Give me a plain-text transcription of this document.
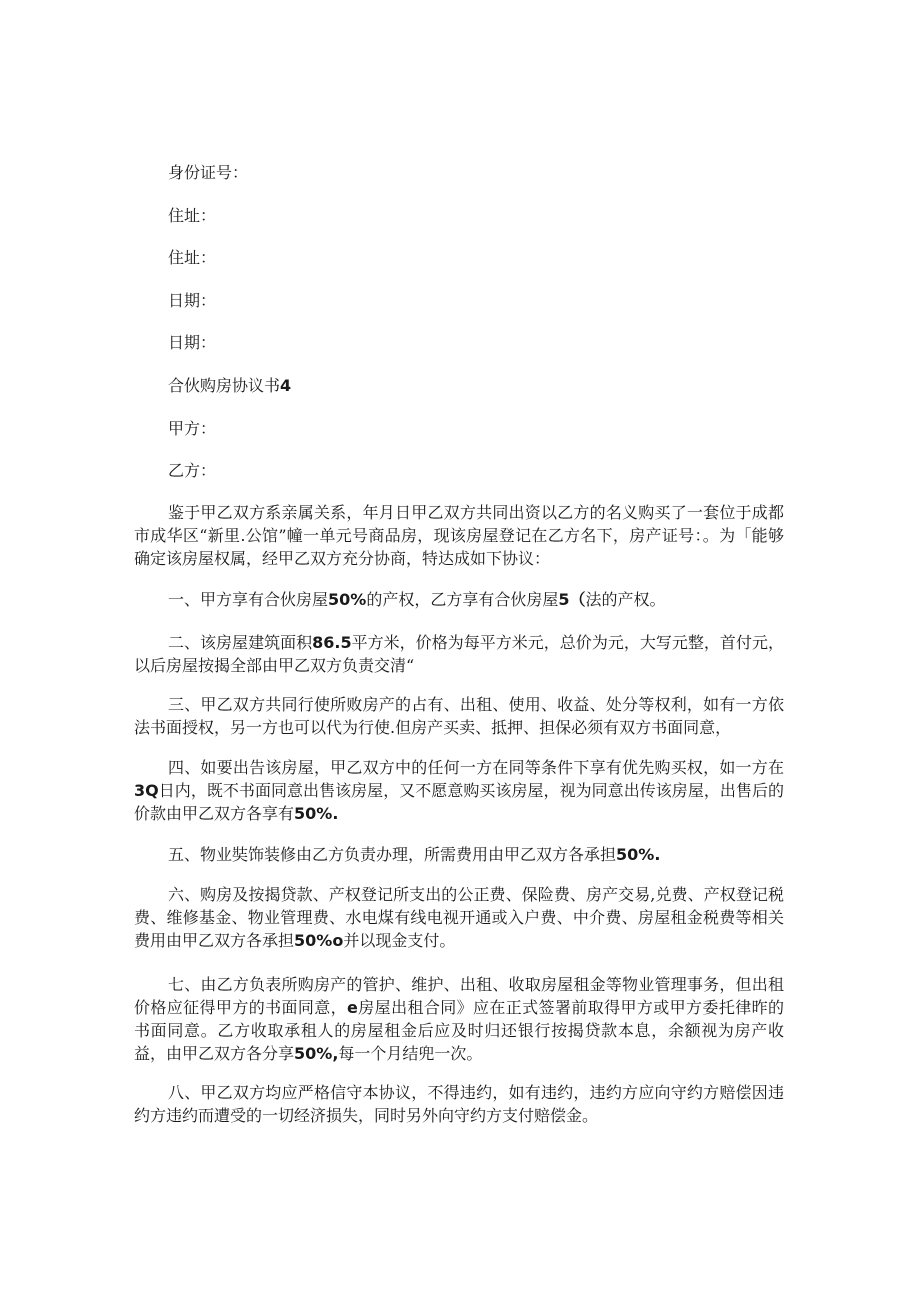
身份证号：
住址：
住址：
日期：
日期：
合伙购房协议书4
甲方：
乙方：
鉴于甲乙双方系亲属关系，年月日甲乙双方共同出资以乙方的名义购买了一套位于成都市成华区“新里.公馆”幢一单元号商品房，现该房屋登记在乙方名下，房产证号：。为「能够确定该房屋权属，经甲乙双方充分协商，特达成如下协议：
一、甲方享有合伙房屋50%的产权，乙方享有合伙房屋5（法的产权。
二、该房屋建筑面积86.5平方米，价格为每平方米元，总价为元，大写元整，首付元，以后房屋按揭全部由甲乙双方负责交清“
三、甲乙双方共同行使所败房产的占有、出租、使用、收益、处分等权利，如有一方依法书面授权，另一方也可以代为行使.但房产买卖、抵押、担保必须有双方书面同意，
四、如要出告该房屋，甲乙双方中的任何一方在同等条件下享有优先购买权，如一方在3Q日内，既不书面同意出售该房屋，又不愿意购买该房屋，视为同意出传该房屋，出售后的价款由甲乙双方各享有50%.
五、物业奘饰装修由乙方负责办理，所需费用由甲乙双方各承担50%.
六、购房及按揭贷款、产权登记所支出的公正费、保险费、房产交易,兑费、产权登记税费、维修基金、物业管理费、水电煤有线电视开通或入户费、中介费、房屋租金税费等相关费用由甲乙双方各承担50%o并以现金支付。
七、由乙方负表所购房产的管护、维护、出租、收取房屋租金等物业管理事务，但出租价格应征得甲方的书面同意，e房屋出租合同》应在正式签署前取得甲方或甲方委托律昨的书面同意。乙方收取承租人的房屋租金后应及时归还银行按揭贷款本息，余额视为房产收益，由甲乙双方各分享50%,每一个月结兜一次。
八、甲乙双方均应严格信守本协议，不得违约，如有违约，违约方应向守约方赔偿因违约方违约而遭受的一切经济损失，同时另外向守约方支付赔偿金。
